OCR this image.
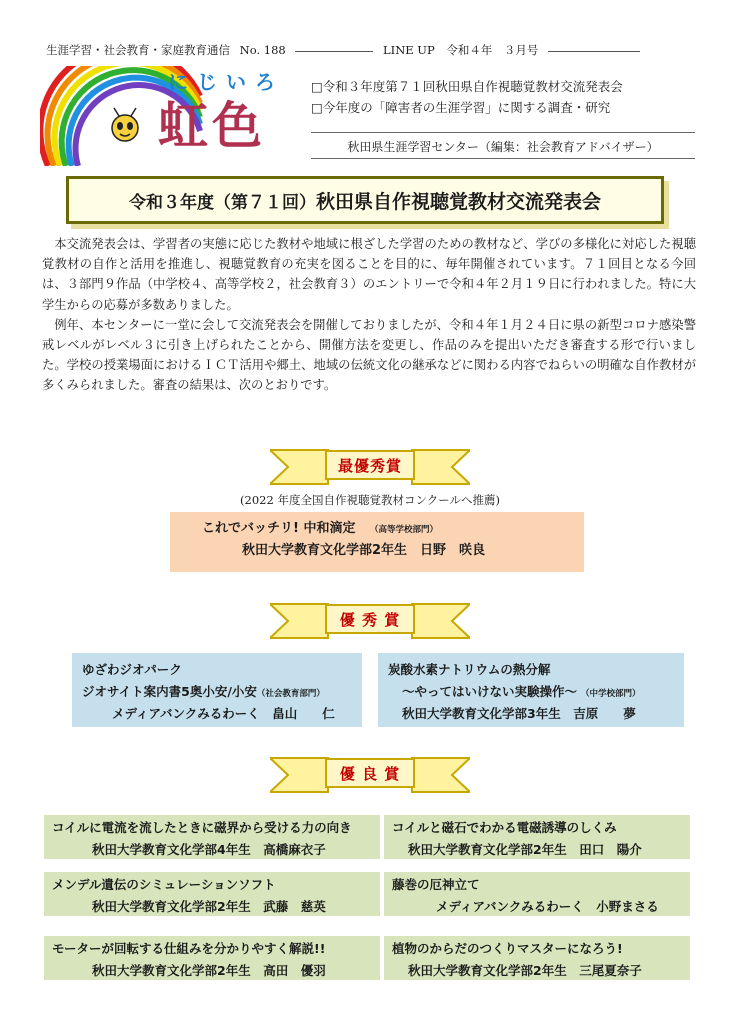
生涯学習・社会教育・家庭教育通信 No. 188	LINE UP 令和４年　３月号
にじいろ
虹色
□令和３年度第７１回秋田県自作視聴覚教材交流発表会
□今年度の「障害者の生涯学習」に関する調査・研究
秋田県生涯学習センター（編集：社会教育アドバイザー）
令和３年度（第７１回） 秋田県自作視聴覚教材交流発表会

本交流発表会は、学習者の実態に応じた教材や地域に根ざした学習のための教材など、学びの多様化に対応した視聴覚教材の自作と活用を推進し、視聴覚教育の充実を図ることを目的に、毎年開催されています。７１回目となる今回は、３部門９作品（中学校４、高等学校２，社会教育３）のエントリーで令和４年２月１９日に行われました。特に大学生からの応募が多数ありました。

例年、本センターに一堂に会して交流発表会を開催しておりましたが、令和４年１月２４日に県の新型コロナ感染警戒レベルがレベル３に引き上げられたことから、開催方法を変更し、作品のみを提出いただき審査する形で行いました。学校の授業場面におけるＩＣＴ活用や郷土、地域の伝統文化の継承などに関わる内容でねらいの明確な自作教材が多くみられました。審査の結果は、次のとおりです。

最優秀賞
(2022 年度全国自作視聴覚教材コンクールへ推薦)
これでバッチリ! 中和滴定 （高等学校部門）
秋田大学教育文化学部2年生　日野　咲良
優 秀 賞
ゆざわジオパーク
ジオサイト案内書5奥小安/小安（社会教育部門）
メディアバンクみるわーく　畠山　　仁
炭酸水素ナトリウムの熱分解
～やってはいけない実験操作～ （中学校部門）
秋田大学教育文化学部3年生　吉原　　夢
優 良 賞
コイルに電流を流したときに磁界から受ける力の向き
秋田大学教育文化学部4年生　高橋麻衣子
コイルと磁石でわかる電磁誘導のしくみ
秋田大学教育文化学部2年生　田口　陽介
メンデル遺伝のシミュレーションソフト
秋田大学教育文化学部2年生　武藤　慈英
藤巻の厄神立て
メディアバンクみるわーく　小野まさる
モーターが回転する仕組みを分かりやすく解説!!
秋田大学教育文化学部2年生　高田　優羽
植物のからだのつくりマスターになろう!
秋田大学教育文化学部2年生　三尾夏奈子
